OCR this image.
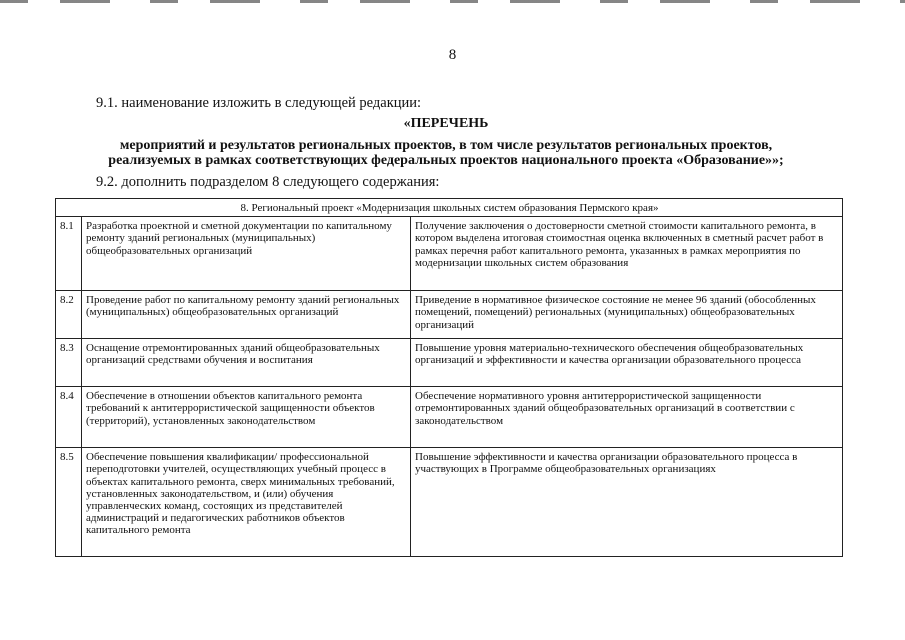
8
9.1. наименование изложить в следующей редакции:
«ПЕРЕЧЕНЬ
мероприятий и результатов региональных проектов, в том числе результатов региональных проектов, реализуемых в рамках соответствующих федеральных проектов национального проекта «Образование»»;
9.2. дополнить подразделом 8 следующего содержания:
8. Региональный проект «Модернизация школьных систем образования Пермского края»		
8.1	Разработка проектной и сметной документации по капитальному ремонту зданий региональных (муниципальных) общеобразовательных организаций	Получение заключения о достоверности сметной стоимости капитального ремонта, в котором выделена итоговая стоимостная оценка включенных в сметный расчет работ в рамках перечня работ капитального ремонта, указанных в рамках мероприятия по модернизации школьных систем образования
8.2	Проведение работ по капитальному ремонту зданий региональных (муниципальных) общеобразовательных организаций	Приведение в нормативное физическое состояние не менее 96 зданий (обособленных помещений, помещений) региональных (муниципальных) общеобразовательных организаций
8.3	Оснащение отремонтированных зданий общеобразовательных организаций средствами обучения и воспитания	Повышение уровня материально-технического обеспечения общеобразовательных организаций и эффективности и качества организации образовательного процесса
8.4	Обеспечение в отношении объектов капитального ремонта требований к антитеррористической защищенности объектов (территорий), установленных законодательством	Обеспечение нормативного уровня антитеррористической защищенности отремонтированных зданий общеобразовательных организаций в соответствии с законодательством
8.5	Обеспечение повышения квалификации/ профессиональной переподготовки учителей, осуществляющих учебный процесс в объектах капитального ремонта, сверх минимальных требований, установленных законодательством, и (или) обучения управленческих команд, состоящих из представителей администраций и педагогических работников объектов капитального ремонта	Повышение эффективности и качества организации образовательного процесса в участвующих в Программе общеобразовательных организациях
